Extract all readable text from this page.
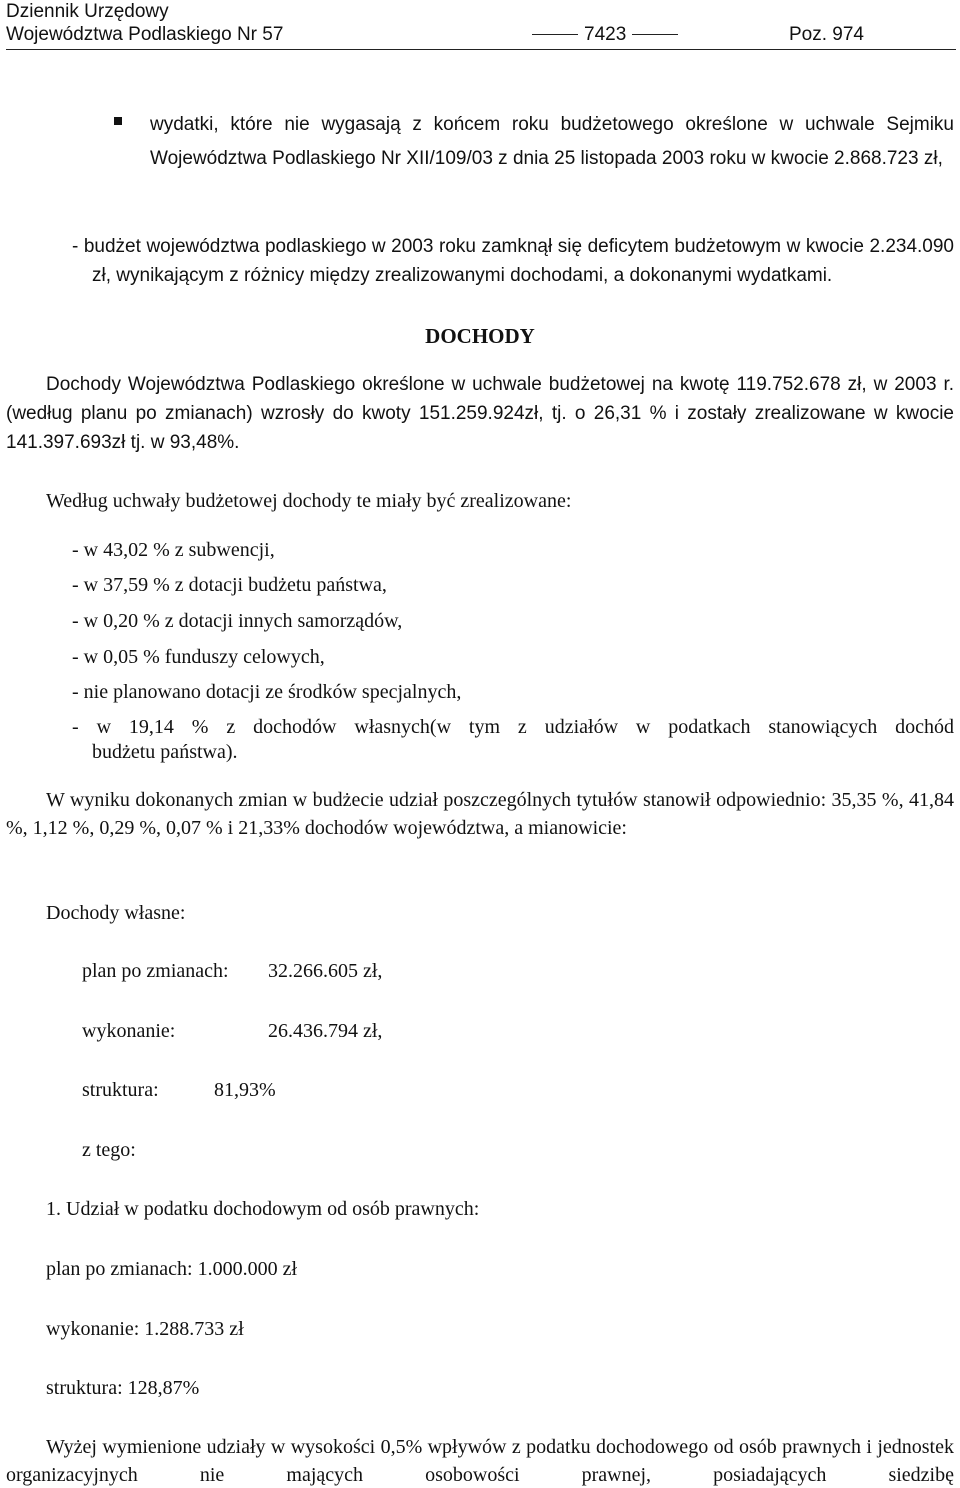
Dziennik Urzędowy
Województwa Podlaskiego Nr 57	7423	Poz. 974
wydatki, które nie wygasają z końcem roku budżetowego określone w uchwale Sejmiku Województwa Podlaskiego Nr XII/109/03 z dnia 25 listopada 2003 roku w kwocie 2.868.723 zł,
- budżet województwa podlaskiego w 2003 roku zamknął się deficytem budżetowym w kwocie 2.234.090 zł, wynikającym z różnicy między zrealizowanymi dochodami, a dokonanymi wydatkami.
DOCHODY
Dochody Województwa Podlaskiego określone w uchwale budżetowej na kwotę 119.752.678 zł, w 2003 r. (według planu po zmianach) wzrosły do kwoty 151.259.924zł, tj. o 26,31 % i zostały zrealizowane w kwocie 141.397.693zł tj. w 93,48%.
Według uchwały budżetowej dochody te miały być zrealizowane:
- w 43,02 % z subwencji,
- w 37,59 % z dotacji budżetu państwa,
- w 0,20 % z dotacji innych samorządów,
- w 0,05 % funduszy celowych,
- nie planowano dotacji ze środków specjalnych,
- w 19,14 % z dochodów własnych(w tym z udziałów w podatkach stanowiących dochód
budżetu państwa).
W wyniku dokonanych zmian w budżecie udział poszczególnych tytułów stanowił odpowiednio: 35,35 %, 41,84 %, 1,12 %, 0,29 %, 0,07 % i 21,33% dochodów województwa, a mianowicie:
Dochody własne:
plan po zmianach: 32.266.605 zł,
wykonanie:	26.436.794 zł,
struktura:	81,93%
z tego:
1. Udział w podatku dochodowym od osób prawnych:
plan po zmianach: 1.000.000 zł
wykonanie: 1.288.733 zł
struktura: 128,87%
Wyżej wymienione udziały w wysokości 0,5% wpływów z podatku dochodowego od osób prawnych i jednostek organizacyjnych nie mających osobowości prawnej, posiadających siedzibę
